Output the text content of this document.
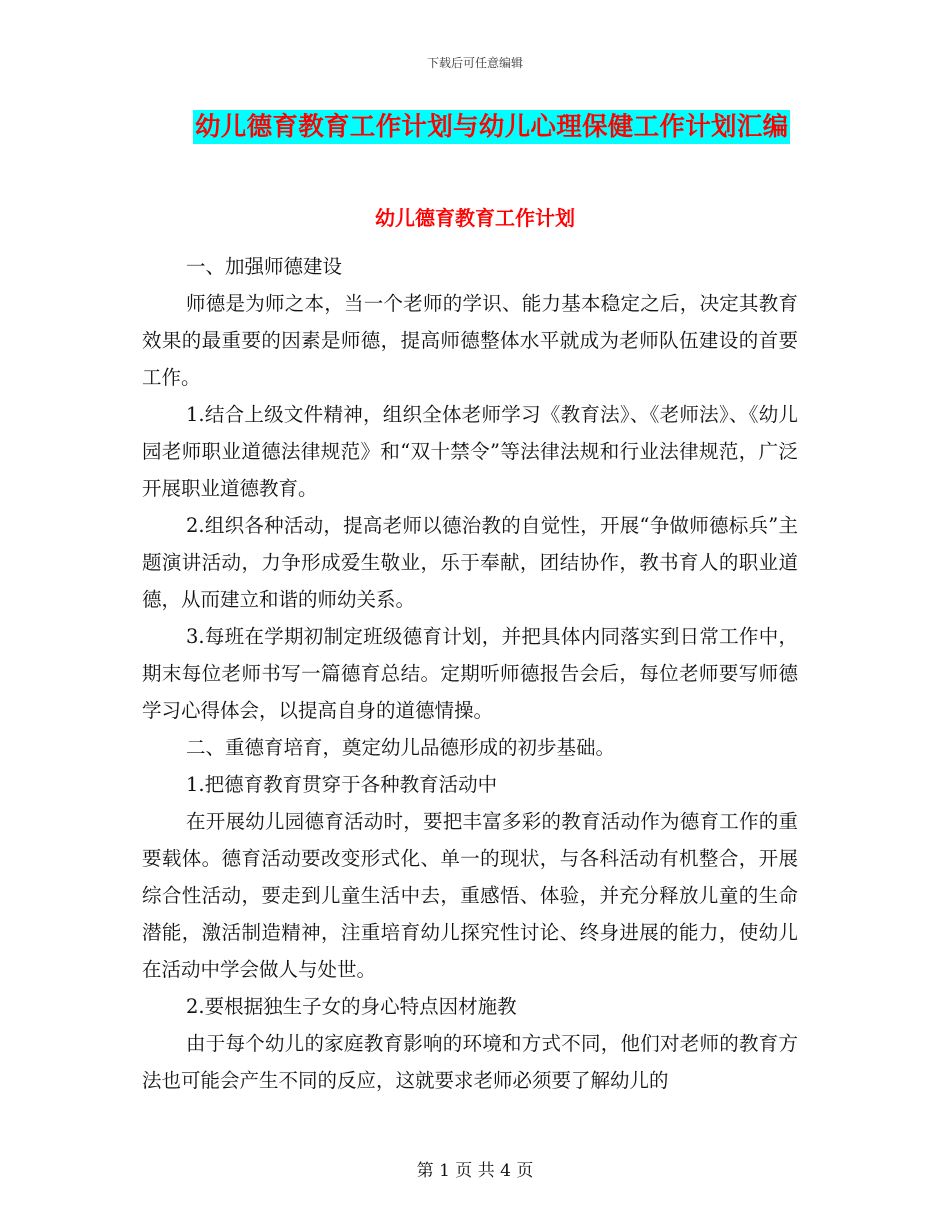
下载后可任意编辑
幼儿德育教育工作计划与幼儿心理保健工作计划汇编
幼儿德育教育工作计划

一、加强师德建设

师德是为师之本，当一个老师的学识、能力基本稳定之后，决定其教育效果的最重要的因素是师德，提高师德整体水平就成为老师队伍建设的首要工作。

1.结合上级文件精神，组织全体老师学习《教育法》、《老师法》、《幼儿园老师职业道德法律规范》和“双十禁令”等法律法规和行业法律规范，广泛开展职业道德教育。

2.组织各种活动，提高老师以德治教的自觉性，开展“争做师德标兵”主题演讲活动，力争形成爱生敬业，乐于奉献，团结协作，教书育人的职业道德，从而建立和谐的师幼关系。

3.每班在学期初制定班级德育计划，并把具体内同落实到日常工作中，期末每位老师书写一篇德育总结。定期听师德报告会后，每位老师要写师德学习心得体会，以提高自身的道德情操。

二、重德育培育，奠定幼儿品德形成的初步基础。

1.把德育教育贯穿于各种教育活动中

在开展幼儿园德育活动时，要把丰富多彩的教育活动作为德育工作的重要载体。德育活动要改变形式化、单一的现状，与各科活动有机整合，开展综合性活动，要走到儿童生活中去，重感悟、体验，并充分释放儿童的生命潜能，激活制造精神，注重培育幼儿探究性讨论、终身进展的能力，使幼儿在活动中学会做人与处世。

2.要根据独生子女的身心特点因材施教

由于每个幼儿的家庭教育影响的环境和方式不同，他们对老师的教育方法也可能会产生不同的反应，这就要求老师必须要了解幼儿的

第 1 页 共 4 页
